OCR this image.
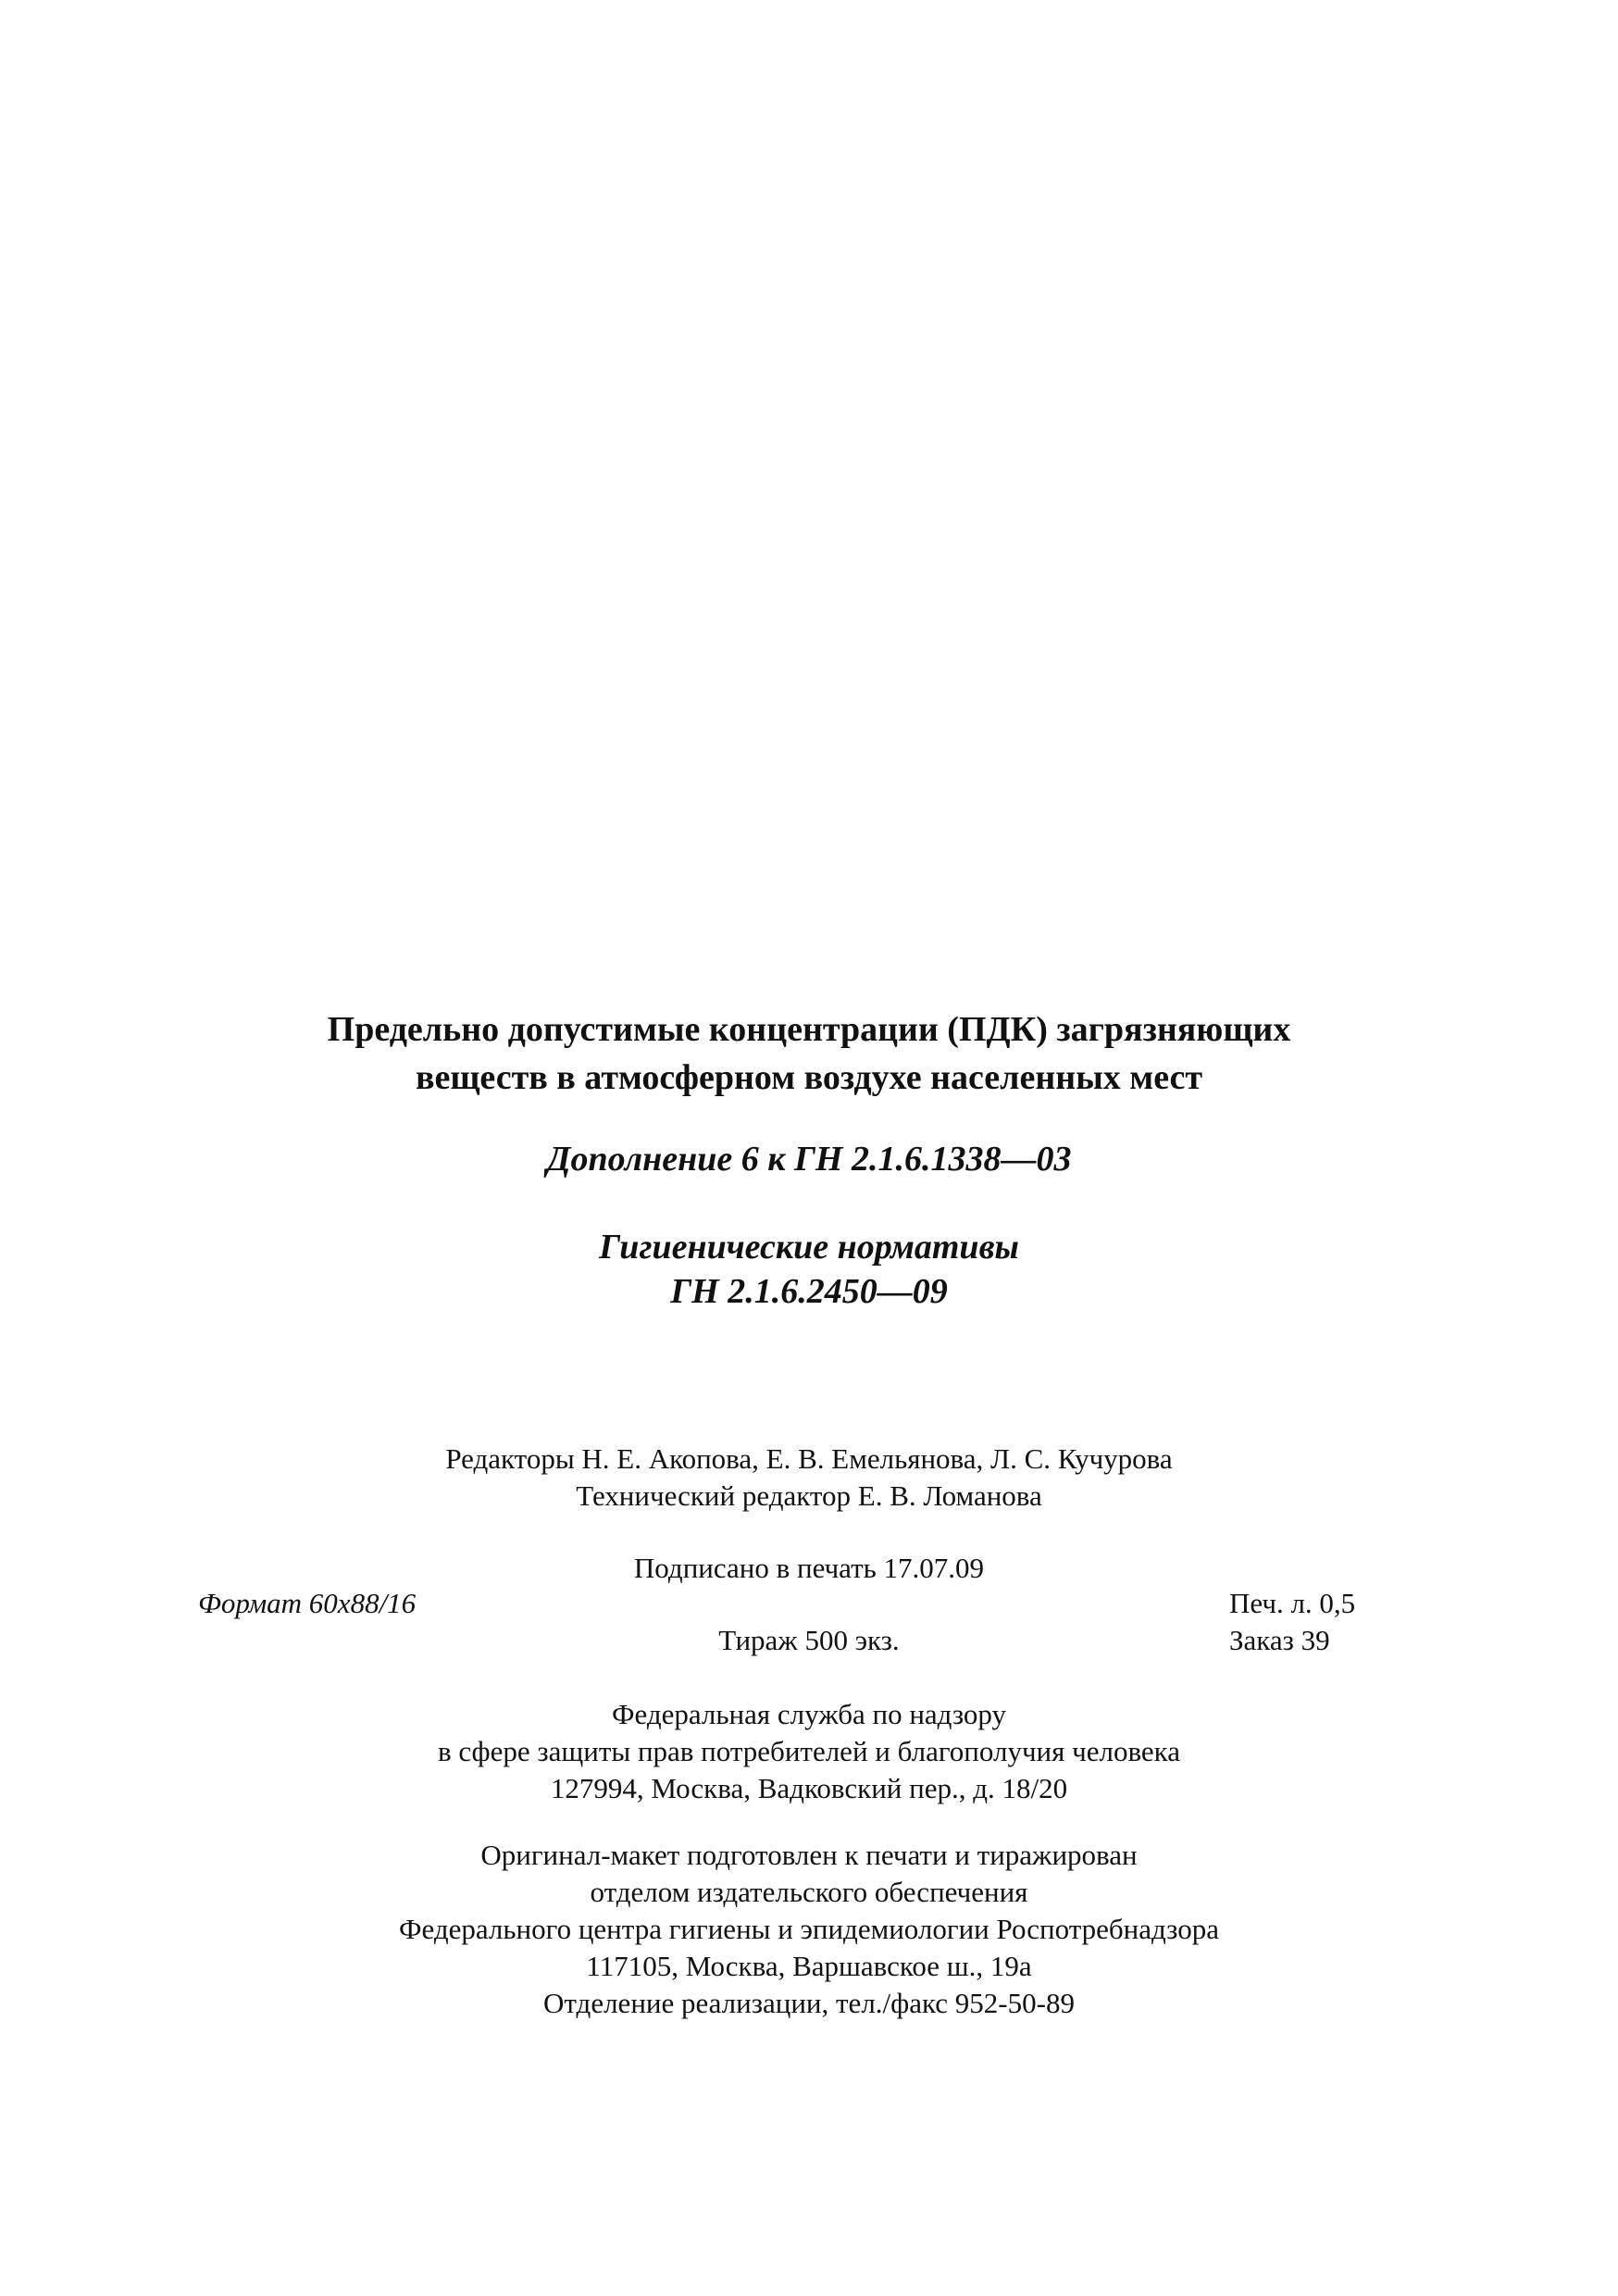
Предельно допустимые концентрации (ПДК) загрязняющих
веществ в атмосферном воздухе населенных мест
Дополнение 6 к ГН 2.1.6.1338—03
Гигиенические нормативы
ГН 2.1.6.2450—09
Редакторы Н. Е. Акопова, Е. В. Емельянова, Л. С. Кучурова
Технический редактор Е. В. Ломанова
Подписано в печать 17.07.09
Формат 60х88/16	Печ. л. 0,5
Тираж 500 экз.	Заказ 39
Федеральная служба по надзору
в сфере защиты прав потребителей и благополучия человека
127994, Москва, Вадковский пер., д. 18/20
Оригинал-макет подготовлен к печати и тиражирован
отделом издательского обеспечения
Федерального центра гигиены и эпидемиологии Роспотребнадзора
117105, Москва, Варшавское ш., 19а
Отделение реализации, тел./факс 952-50-89
